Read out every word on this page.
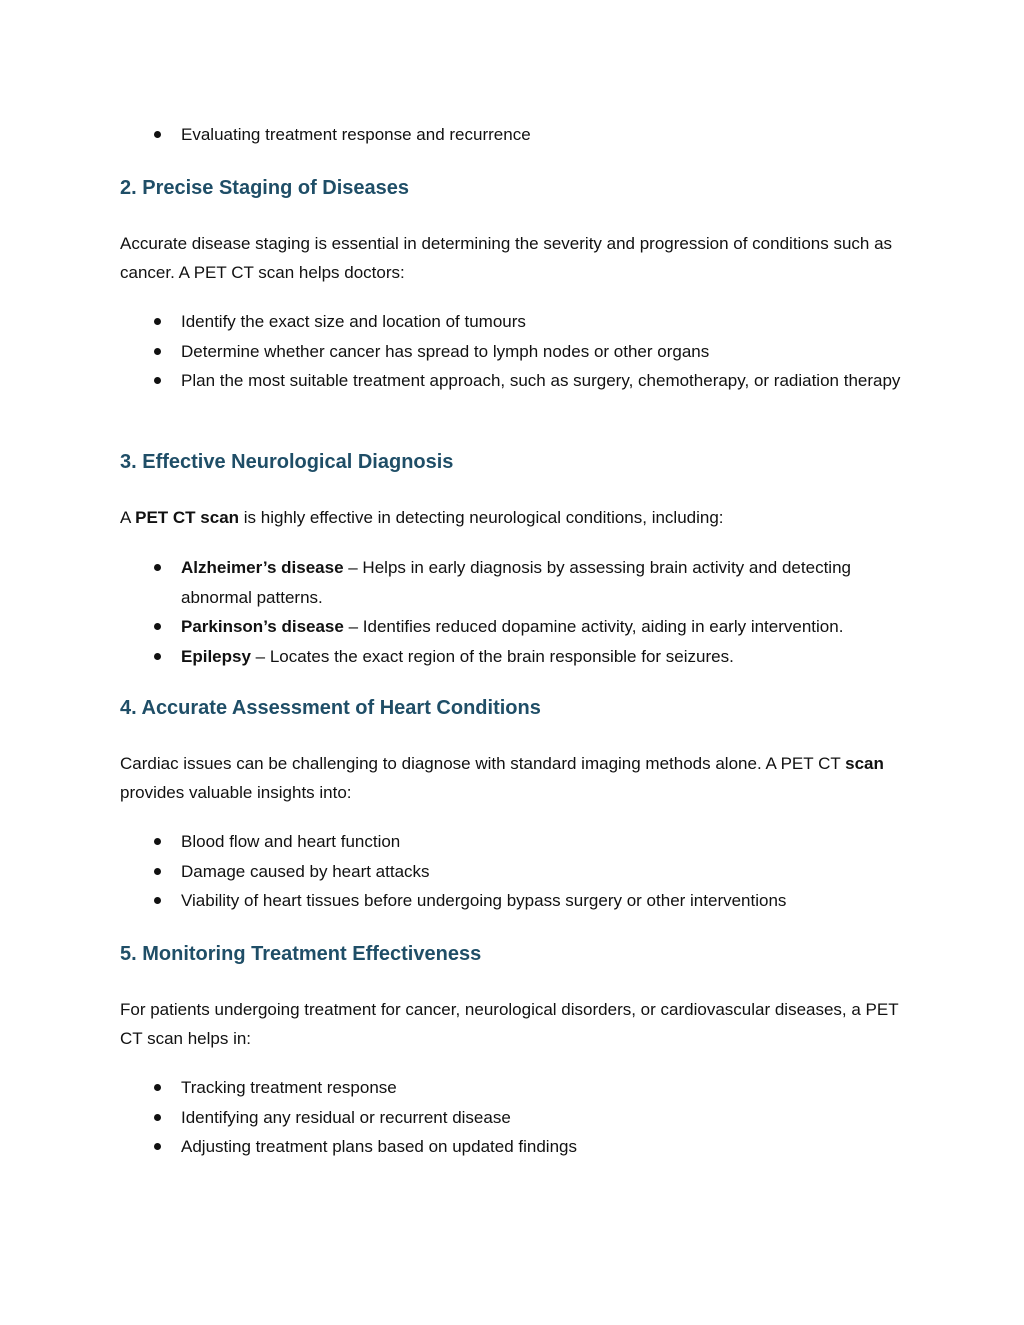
Evaluating treatment response and recurrence
2. Precise Staging of Diseases

Accurate disease staging is essential in determining the severity and progression of conditions such as cancer. A PET CT scan helps doctors:

Identify the exact size and location of tumours
Determine whether cancer has spread to lymph nodes or other organs
Plan the most suitable treatment approach, such as surgery, chemotherapy, or radiation therapy
3. Effective Neurological Diagnosis

A PET CT scan is highly effective in detecting neurological conditions, including:

Alzheimer’s disease – Helps in early diagnosis by assessing brain activity and detecting abnormal patterns.
Parkinson’s disease – Identifies reduced dopamine activity, aiding in early intervention.
Epilepsy – Locates the exact region of the brain responsible for seizures.
4. Accurate Assessment of Heart Conditions

Cardiac issues can be challenging to diagnose with standard imaging methods alone. A PET CT scan provides valuable insights into:

Blood flow and heart function
Damage caused by heart attacks
Viability of heart tissues before undergoing bypass surgery or other interventions
5. Monitoring Treatment Effectiveness

For patients undergoing treatment for cancer, neurological disorders, or cardiovascular diseases, a PET CT scan helps in:

Tracking treatment response
Identifying any residual or recurrent disease
Adjusting treatment plans based on updated findings
